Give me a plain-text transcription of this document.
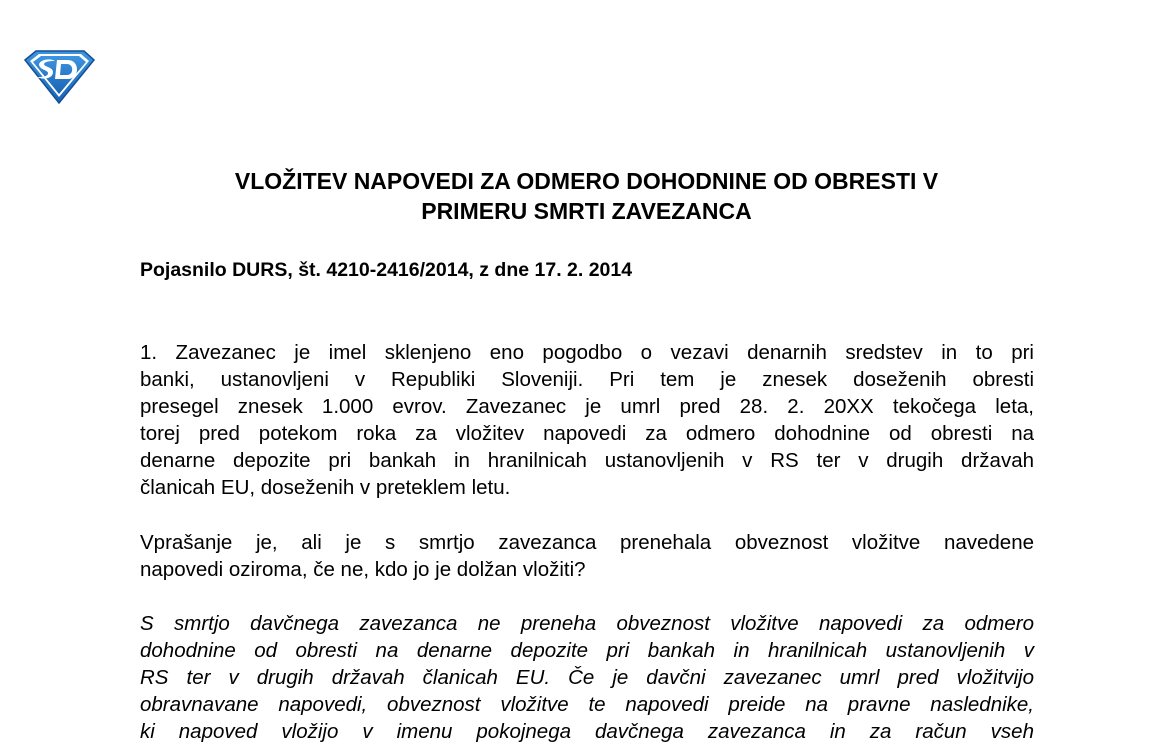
VLOŽITEV NAPOVEDI ZA ODMERO DOHODNINE OD OBRESTI V
PRIMERU SMRTI ZAVEZANCA

Pojasnilo DURS, št. 4210-2416/2014, z dne 17. 2. 2014

1. Zavezanec je imel sklenjeno eno pogodbo o vezavi denarnih sredstev in to pri
banki, ustanovljeni v Republiki Sloveniji. Pri tem je znesek doseženih obresti
presegel znesek 1.000 evrov. Zavezanec je umrl pred 28. 2. 20XX tekočega leta,
torej pred potekom roka za vložitev napovedi za odmero dohodnine od obresti na
denarne depozite pri bankah in hranilnicah ustanovljenih v RS ter v drugih državah
članicah EU, doseženih v preteklem letu.

Vprašanje je, ali je s smrtjo zavezanca prenehala obveznost vložitve navedene
napovedi oziroma, če ne, kdo jo je dolžan vložiti?

S smrtjo davčnega zavezanca ne preneha obveznost vložitve napovedi za odmero
dohodnine od obresti na denarne depozite pri bankah in hranilnicah ustanovljenih v
RS ter v drugih državah članicah EU. Če je davčni zavezanec umrl pred vložitvijo
obravnavane napovedi, obveznost vložitve te napovedi preide na pravne naslednike,
ki napoved vložijo v imenu pokojnega davčnega zavezanca in za račun vseh
